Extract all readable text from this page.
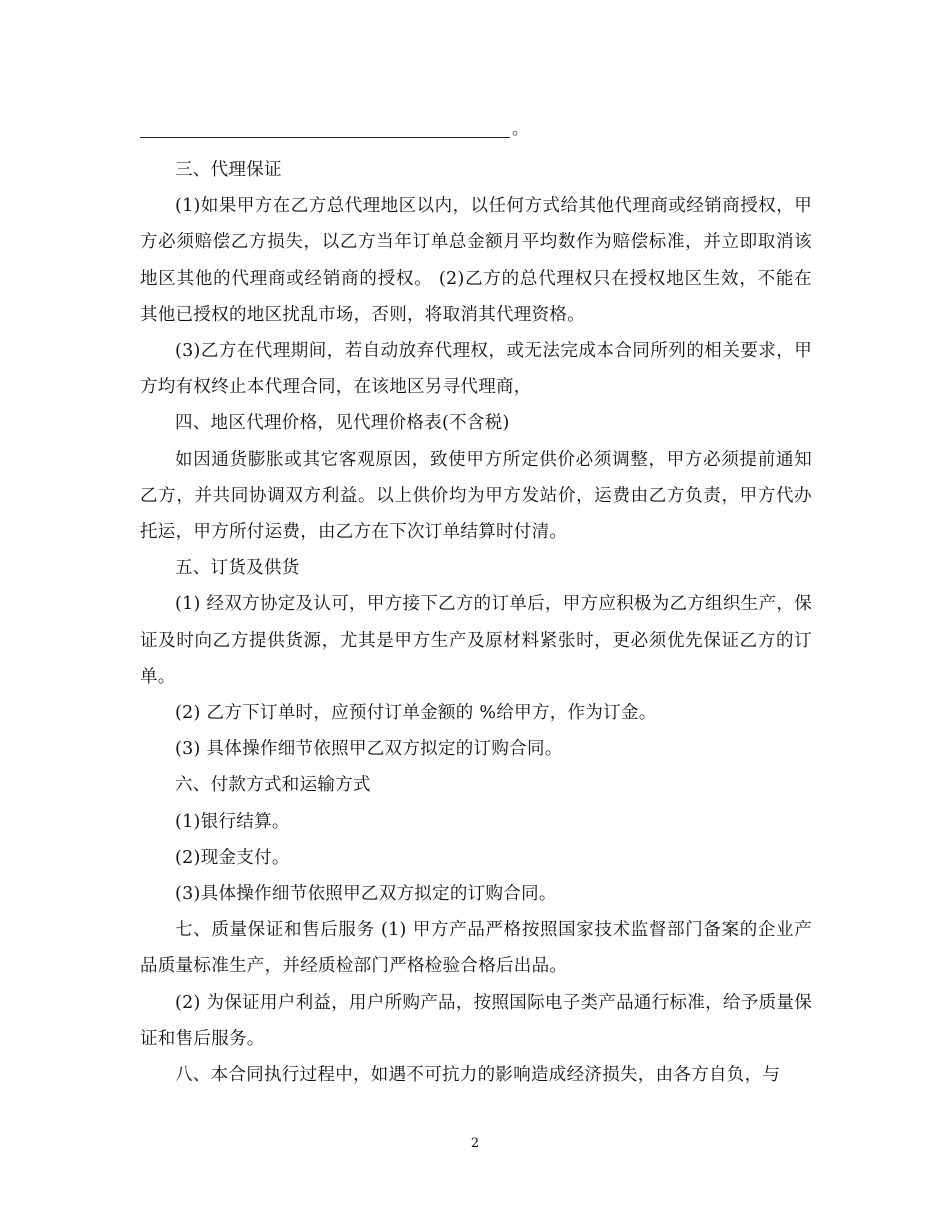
。

三、代理保证

(1)如果甲方在乙方总代理地区以内，以任何方式给其他代理商或经销商授权，甲方必须赔偿乙方损失，以乙方当年订单总金额月平均数作为赔偿标准，并立即取消该地区其他的代理商或经销商的授权。 (2)乙方的总代理权只在授权地区生效，不能在其他已授权的地区扰乱市场，否则，将取消其代理资格。

(3)乙方在代理期间，若自动放弃代理权，或无法完成本合同所列的相关要求，甲方均有权终止本代理合同，在该地区另寻代理商，

四、地区代理价格，见代理价格表(不含税)

如因通货膨胀或其它客观原因，致使甲方所定供价必须调整，甲方必须提前通知乙方，并共同协调双方利益。以上供价均为甲方发站价，运费由乙方负责，甲方代办托运，甲方所付运费，由乙方在下次订单结算时付清。

五、订货及供货

(1) 经双方协定及认可，甲方接下乙方的订单后，甲方应积极为乙方组织生产，保证及时向乙方提供货源，尤其是甲方生产及原材料紧张时，更必须优先保证乙方的订单。

(2) 乙方下订单时，应预付订单金额的 %给甲方，作为订金。

(3) 具体操作细节依照甲乙双方拟定的订购合同。

六、付款方式和运输方式

(1)银行结算。

(2)现金支付。

(3)具体操作细节依照甲乙双方拟定的订购合同。

七、质量保证和售后服务 (1) 甲方产品严格按照国家技术监督部门备案的企业产品质量标准生产，并经质检部门严格检验合格后出品。

(2) 为保证用户利益，用户所购产品，按照国际电子类产品通行标准，给予质量保证和售后服务。

八、本合同执行过程中，如遇不可抗力的影响造成经济损失，由各方自负，与

2
